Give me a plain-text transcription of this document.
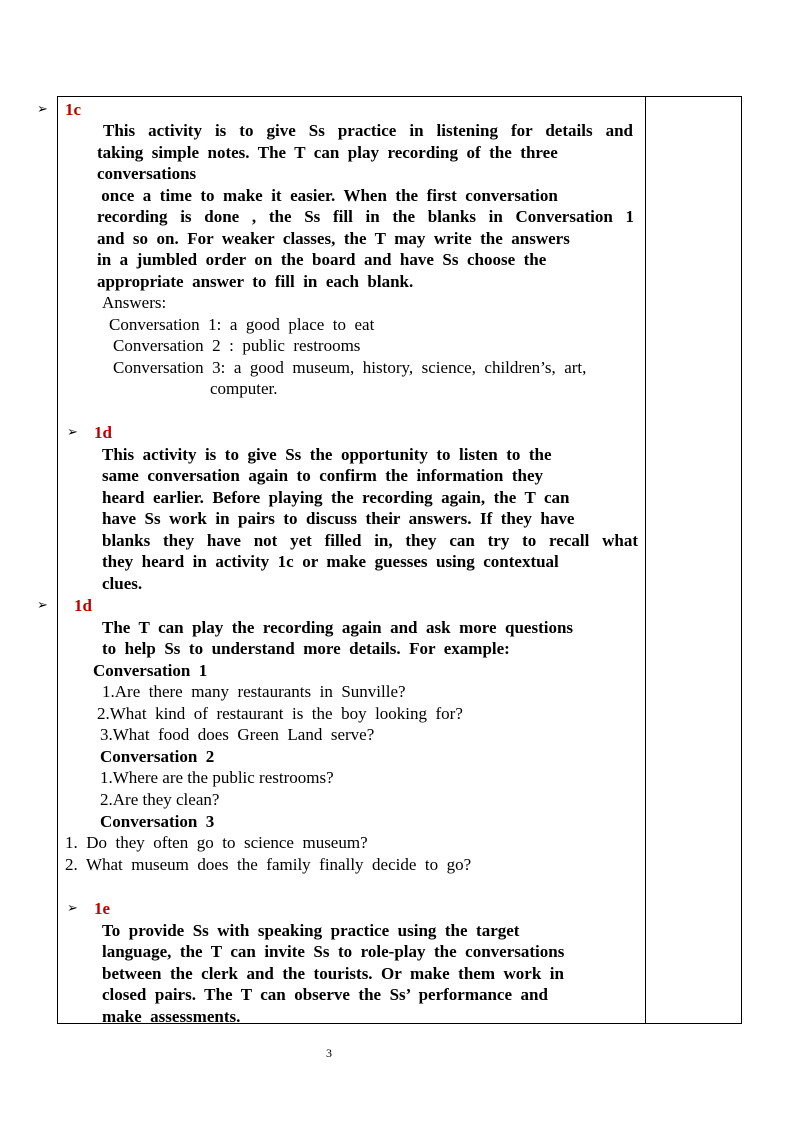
➢ 1c
This activity is to give Ss practice in listening for details and
taking  simple  notes.  The  T  can  play  recording  of  the  three
conversations
once  a  time  to  make  it  easier.  When  the  first  conversation
recording is done , the Ss fill in the blanks in Conversation 1
and  so  on.  For  weaker  classes,  the  T  may  write  the  answers
in  a  jumbled  order  on  the  board  and  have  Ss  choose  the
appropriate  answer  to  fill  in  each  blank.
Answers:
Conversation  1:  a  good  place  to  eat
Conversation  2  :  public  restrooms
Conversation  3:  a  good  museum,  history,  science,  children’s,  art,
computer.
➢ 1d
This  activity  is  to  give  Ss  the  opportunity  to  listen  to  the
same  conversation  again  to  confirm  the  information  they
heard  earlier.  Before  playing  the  recording  again,  the  T  can
have  Ss  work  in  pairs  to  discuss  their  answers.  If  they  have
blanks they have not yet filled in, they can try to recall what
they  heard  in  activity  1c  or  make  guesses  using  contextual
clues.
➢ 1d
The  T  can  play  the  recording  again  and  ask  more  questions
to  help  Ss  to  understand  more  details.  For  example:
Conversation  1
1.Are  there  many  restaurants  in  Sunville?
2.What  kind  of  restaurant  is  the  boy  looking  for?
3.What  food  does  Green  Land  serve?
Conversation  2
1.Where are the public restrooms?
2.Are they clean?
Conversation  3
1.  Do  they  often  go  to  science  museum?
2.  What  museum  does  the  family  finally  decide  to  go?
➢ 1e
To  provide  Ss  with  speaking  practice  using  the  target
language,  the  T  can  invite  Ss  to  role-play  the  conversations
between  the  clerk  and  the  tourists.  Or  make  them  work  in
closed  pairs.  The  T  can  observe  the  Ss’  performance  and
make  assessments.
3
